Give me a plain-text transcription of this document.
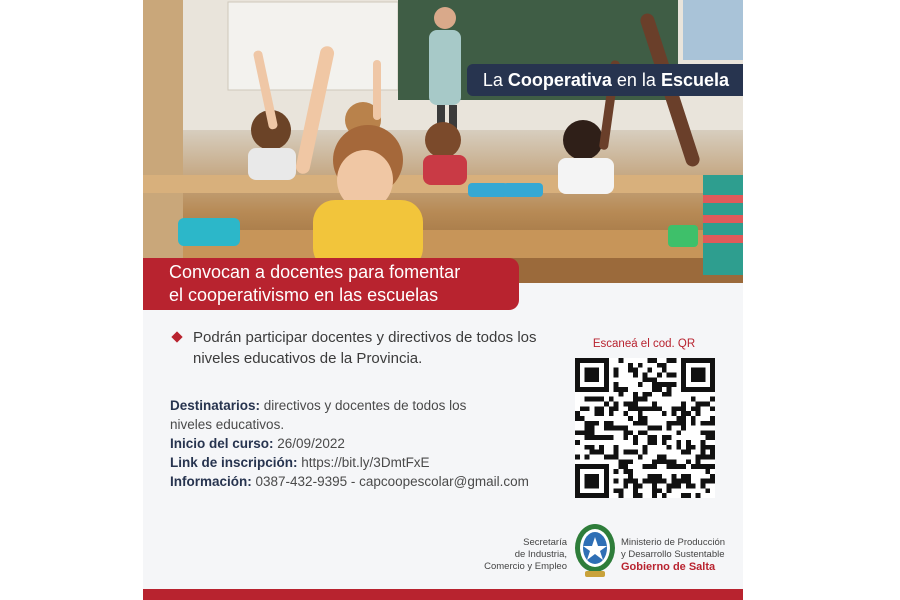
La Cooperativa en la Escuela
Convocan a docentes para fomentar
el cooperativismo en las escuelas
Podrán participar docentes y directivos de todos los
niveles educativos de la Provincia.

Destinatarios: directivos y docentes de todos los

niveles educativos.

Inicio del curso: 26/09/2022

Link de inscripción: https://bit.ly/3DmtFxE

Información: 0387-432-9395 - capcoopescolar@gmail.com

Escaneá el cod. QR
Secretaría
de Industria,
Comercio y Empleo
Ministerio de Producción
y Desarrollo Sustentable
Gobierno de Salta
